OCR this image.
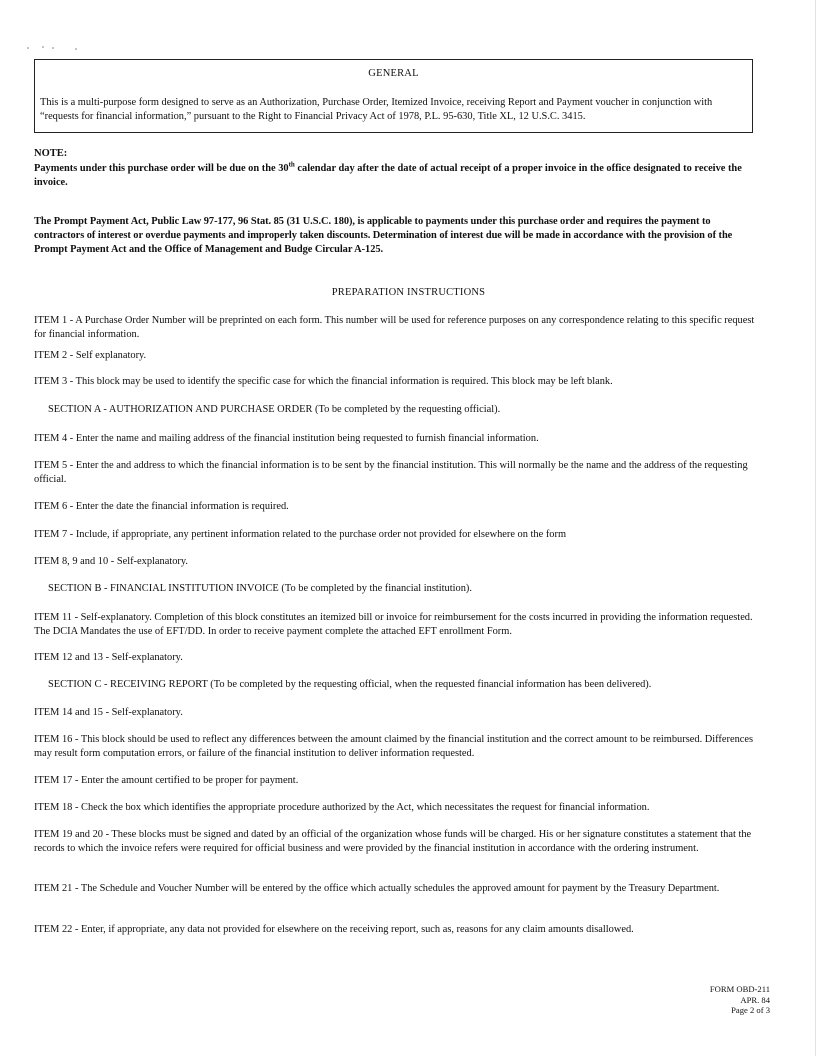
GENERAL
This is a multi-purpose form designed to serve as an Authorization, Purchase Order, Itemized Invoice, receiving Report and Payment voucher in conjunction with “requests for financial information,” pursuant to the Right to Financial Privacy Act of 1978, P.L. 95-630, Title XL, 12 U.S.C. 3415.
NOTE:
Payments under this purchase order will be due on the 30th calendar day after the date of actual receipt of a proper invoice in the office designated to receive the invoice.
The Prompt Payment Act, Public Law 97-177, 96 Stat. 85 (31 U.S.C. 180), is applicable to payments under this purchase order and requires the payment to contractors of interest or overdue payments and improperly taken discounts. Determination of interest due will be made in accordance with the provision of the Prompt Payment Act and the Office of Management and Budge Circular A-125.
PREPARATION INSTRUCTIONS
ITEM 1 - A Purchase Order Number will be preprinted on each form. This number will be used for reference purposes on any correspondence relating to this specific request for financial information.
ITEM 2 - Self explanatory.
ITEM 3 - This block may be used to identify the specific case for which the financial information is required. This block may be left blank.
SECTION A - AUTHORIZATION AND PURCHASE ORDER (To be completed by the requesting official).
ITEM 4 - Enter the name and mailing address of the financial institution being requested to furnish financial information.
ITEM 5 - Enter the and address to which the financial information is to be sent by the financial institution. This will normally be the name and the address of the requesting official.
ITEM 6 - Enter the date the financial information is required.
ITEM 7 - Include, if appropriate, any pertinent information related to the purchase order not provided for elsewhere on the form
ITEM 8, 9 and 10 - Self-explanatory.
SECTION B - FINANCIAL INSTITUTION INVOICE (To be completed by the financial institution).
ITEM 11 - Self-explanatory. Completion of this block constitutes an itemized bill or invoice for reimbursement for the costs incurred in providing the information requested. The DCIA Mandates the use of EFT/DD. In order to receive payment complete the attached EFT enrollment Form.
ITEM 12 and 13 - Self-explanatory.
SECTION C - RECEIVING REPORT (To be completed by the requesting official, when the requested financial information has been delivered).
ITEM 14 and 15 - Self-explanatory.
ITEM 16 - This block should be used to reflect any differences between the amount claimed by the financial institution and the correct amount to be reimbursed. Differences may result form computation errors, or failure of the financial institution to deliver information requested.
ITEM 17 - Enter the amount certified to be proper for payment.
ITEM 18 - Check the box which identifies the appropriate procedure authorized by the Act, which necessitates the request for financial information.
ITEM 19 and 20 - These blocks must be signed and dated by an official of the organization whose funds will be charged. His or her signature constitutes a statement that the records to which the invoice refers were required for official business and were provided by the financial institution in accordance with the ordering instrument.
ITEM 21 - The Schedule and Voucher Number will be entered by the office which actually schedules the approved amount for payment by the Treasury Department.
ITEM 22 - Enter, if appropriate, any data not provided for elsewhere on the receiving report, such as, reasons for any claim amounts disallowed.
FORM OBD-211
APR. 84
Page 2 of 3
